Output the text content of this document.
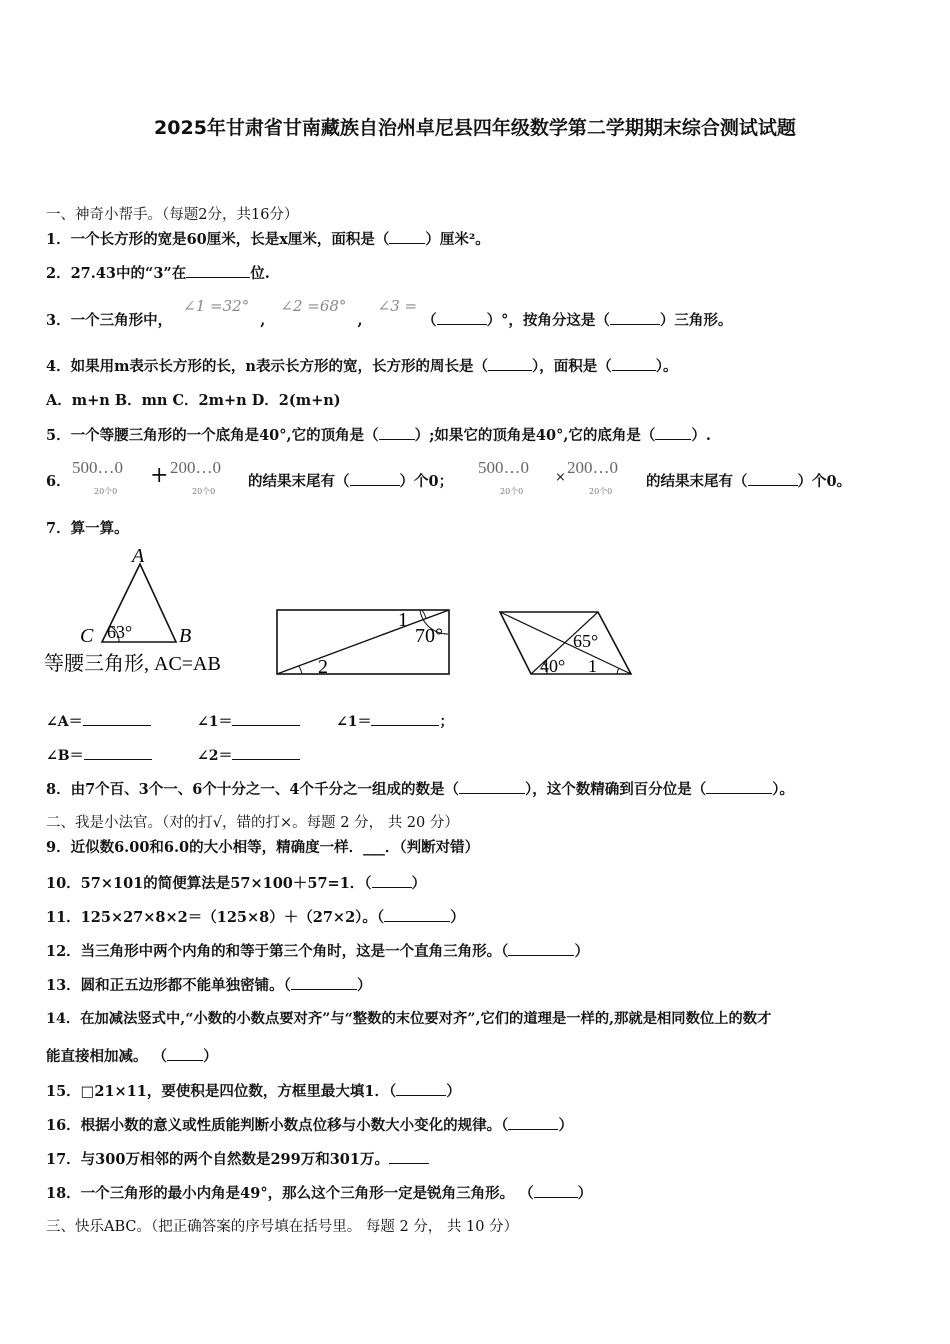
2025年甘肃省甘南藏族自治州卓尼县四年级数学第二学期期末综合测试试题
一、神奇小帮手。（每题2分，共16分）
1．一个长方形的宽是60厘米，长是x厘米，面积是（ ）厘米²。
2．27.43中的“3”在	位.
3．一个三角形中， ∠1 =32° , ∠2 =68° , ∠3 = （	）°，按角分这是（	）三角形。
4．如果用m表示长方形的长，n表示长方形的宽，长方形的周长是（	），面积是（	）。
A．m+n B．mn C．2m+n D．2(m+n)
5．一个等腰三角形的一个底角是40°,它的顶角是（ ）;如果它的顶角是40°,它的底角是（ ）.
6．
500…0
20个0
+ 200…0
20个0
的结果末尾有（	）个0；
500…0
20个0
×
200…0
20个0
的结果末尾有（	）个0。
7．算一算。
A
C	B
63°
等腰三角形, AC=AB
1
70°
2
65°
40° 1
∠A＝	∠1＝	∠1＝	；
∠B＝	∠2＝
8．由7个百、3个一、6个十分之一、4个千分之一组成的数是（	），这个数精确到百分位是（	）。
二、我是小法官。（对的打√，错的打×。每题 2 分， 共 20 分）
9．近似数6.00和6.0的大小相等，精确度一样．___．（判断对错）
10．57×101的简便算法是57×100＋57=1．（	）
11．125×27×8×2＝（125×8）＋（27×2）。（	）
12．当三角形中两个内角的和等于第三个角时，这是一个直角三角形。（	）
13．圆和正五边形都不能单独密铺。（	）
14．在加减法竖式中,“小数的小数点要对齐”与“整数的末位要对齐”,它们的道理是一样的,那就是相同数位上的数才
能直接相加减。 （ ）
15．□21×11，要使积是四位数，方框里最大填1．（	）
16．根据小数的意义或性质能判断小数点位移与小数大小变化的规律。（	）
17．与300万相邻的两个自然数是299万和301万。
18．一个三角形的最小内角是49°，那么这个三角形一定是锐角三角形。 （	）
三、快乐ABC。（把正确答案的序号填在括号里。 每题 2 分， 共 10 分）
